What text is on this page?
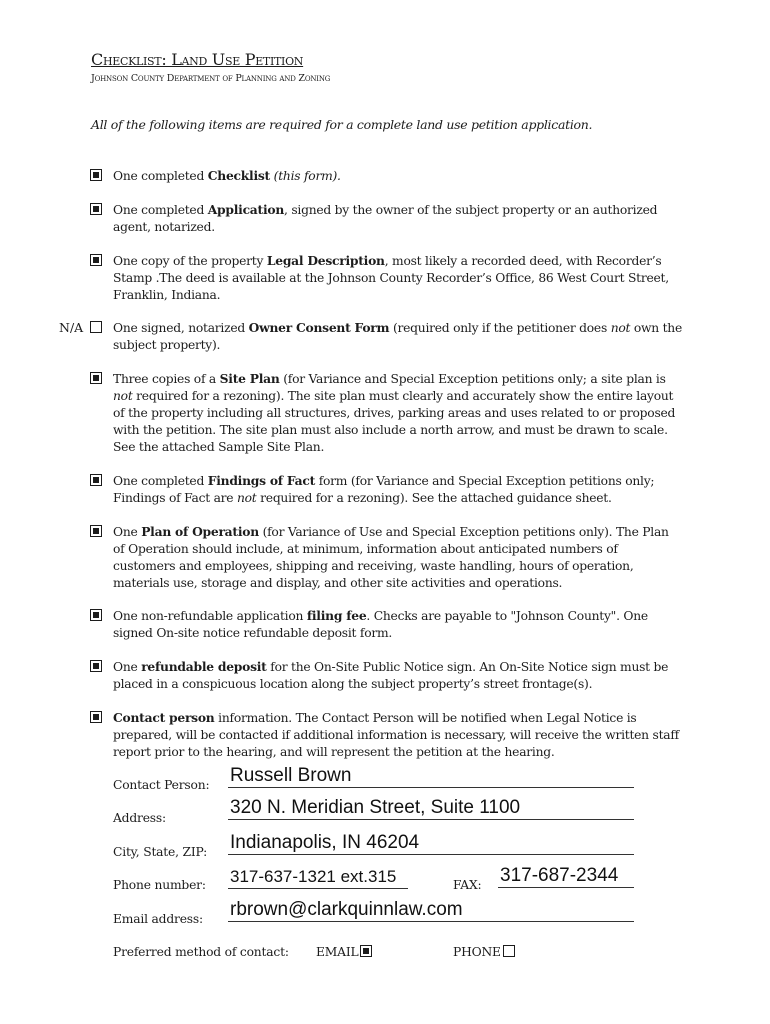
Checklist: Land Use Petition
Johnson County Department of Planning and Zoning
All of the following items are required for a complete land use petition application.
One completed Checklist (this form).
One completed Application, signed by the owner of the subject property or an authorized agent, notarized.
One copy of the property Legal Description, most likely a recorded deed, with Recorder’s Stamp .The deed is available at the Johnson County Recorder’s Office, 86 West Court Street, Franklin, Indiana.
N/A One signed, notarized Owner Consent Form (required only if the petitioner does not own the subject property).
Three copies of a Site Plan (for Variance and Special Exception petitions only; a site plan is not required for a rezoning). The site plan must clearly and accurately show the entire layout of the property including all structures, drives, parking areas and uses related to or proposed with the petition. The site plan must also include a north arrow, and must be drawn to scale. See the attached Sample Site Plan.
One completed Findings of Fact form (for Variance and Special Exception petitions only; Findings of Fact are not required for a rezoning). See the attached guidance sheet.
One Plan of Operation (for Variance of Use and Special Exception petitions only). The Plan of Operation should include, at minimum, information about anticipated numbers of customers and employees, shipping and receiving, waste handling, hours of operation, materials use, storage and display, and other site activities and operations.
One non-refundable application filing fee. Checks are payable to "Johnson County". One signed On-site notice refundable deposit form.
One refundable deposit for the On-Site Public Notice sign. An On-Site Notice sign must be placed in a conspicuous location along the subject property’s street frontage(s).
Contact person information. The Contact Person will be notified when Legal Notice is prepared, will be contacted if additional information is necessary, will receive the written staff report prior to the hearing, and will represent the petition at the hearing.
Contact Person: Russell Brown
Address:	320 N. Meridian Street, Suite 1100
City, State, ZIP: Indianapolis, IN 46204
Phone number: 317-637-1321 ext.315	FAX: 317-687-2344
Email address: rbrown@clarkquinnlaw.com
Preferred method of contact: EMAIL	PHONE
